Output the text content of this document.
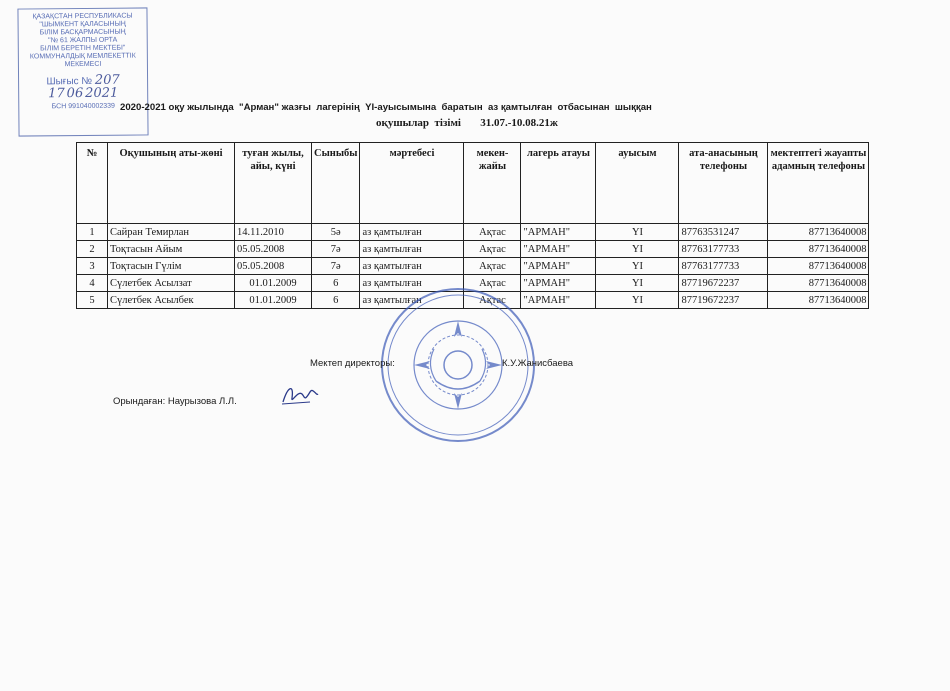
ҚАЗАҚСТАН РЕСПУБЛИКАСЫ
"ШЫМКЕНТ ҚАЛАСЫНЫҢ
БІЛІМ БАСҚАРМАСЫНЫҢ
"№ 61 ЖАЛПЫ ОРТА
БІЛІМ БЕРЕТІН МЕКТЕБІ"
КОММУНАЛДЫҚ МЕМЛЕКЕТТІК
МЕКЕМЕСІ
Шығыс № 207
17 06 2021
БСН 991040002339 2020-2021 оқу жылында  "Арман" жазғы  лагерінің  YI-ауысымына  баратын  аз қамтылған  отбасынан  шыққан
оқушылар  тізімі       31.07.-10.08.21ж
№	Оқушының аты-жөні	туған жылы, айы, күні	Сыныбы	мәртебесі	мекен-жайы	лагерь атауы	ауысым	ата-анасының телефоны	мектептегі жауапты адамның телефоны
1	Сайран Темирлан	14.11.2010	5ә	аз қамтылған	Ақтас	"АРМАН"	YI	87763531247	87713640008
2	Тоқтасын Айым	05.05.2008	7ә	аз қамтылған	Ақтас	"АРМАН"	YI	87763177733	87713640008
3	Тоқтасын Гүлім	05.05.2008	7ә	аз қамтылған	Ақтас	"АРМАН"	YI	87763177733	87713640008
4	Сүлетбек Асылзат	01.01.2009	6	аз қамтылған	Ақтас	"АРМАН"	YI	87719672237	87713640008
5	Сүлетбек Асылбек	01.01.2009	6	аз қамтылған	Ақтас	"АРМАН"	YI	87719672237	87713640008
Мектеп директоры:	К.У.Жанисбаева
Орындаған: Наурызова Л.Л.
